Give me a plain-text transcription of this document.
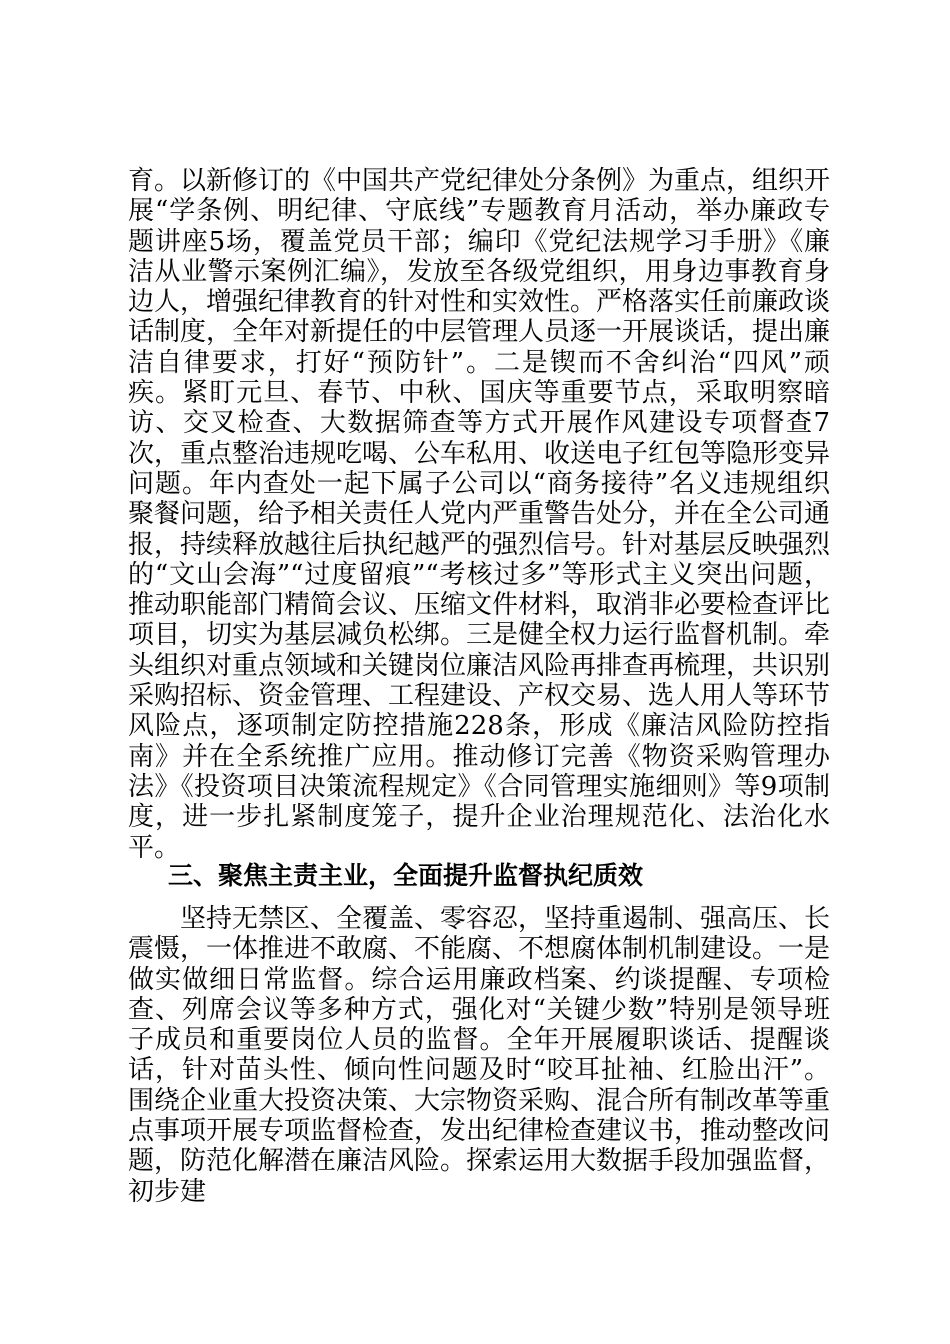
育。以新修订的《中国共产党纪律处分条例》为重点，组织开展“学条例、明纪律、守底线”专题教育月活动，举办廉政专题讲座5场，覆盖党员干部；编印《党纪法规学习手册》《廉洁从业警示案例汇编》，发放至各级党组织，用身边事教育身边人，增强纪律教育的针对性和实效性。严格落实任前廉政谈话制度，全年对新提任的中层管理人员逐一开展谈话，提出廉洁自律要求，打好“预防针”。二是锲而不舍纠治“四风”顽疾。紧盯元旦、春节、中秋、国庆等重要节点，采取明察暗访、交叉检查、大数据筛查等方式开展作风建设专项督查7次，重点整治违规吃喝、公车私用、收送电子红包等隐形变异问题。年内查处一起下属子公司以“商务接待”名义违规组织聚餐问题，给予相关责任人党内严重警告处分，并在全公司通报，持续释放越往后执纪越严的强烈信号。针对基层反映强烈的“文山会海”“过度留痕”“考核过多”等形式主义突出问题，推动职能部门精简会议、压缩文件材料，取消非必要检查评比项目，切实为基层减负松绑。三是健全权力运行监督机制。牵头组织对重点领域和关键岗位廉洁风险再排查再梳理，共识别采购招标、资金管理、工程建设、产权交易、选人用人等环节风险点，逐项制定防控措施228条，形成《廉洁风险防控指南》并在全系统推广应用。推动修订完善《物资采购管理办法》《投资项目决策流程规定》《合同管理实施细则》等9项制度，进一步扎紧制度笼子，提升企业治理规范化、法治化水平。

三、聚焦主责主业，全面提升监督执纪质效

坚持无禁区、全覆盖、零容忍，坚持重遏制、强高压、长震慑，一体推进不敢腐、不能腐、不想腐体制机制建设。一是做实做细日常监督。综合运用廉政档案、约谈提醒、专项检查、列席会议等多种方式，强化对“关键少数”特别是领导班子成员和重要岗位人员的监督。全年开展履职谈话、提醒谈话，针对苗头性、倾向性问题及时“咬耳扯袖、红脸出汗”。围绕企业重大投资决策、大宗物资采购、混合所有制改革等重点事项开展专项监督检查，发出纪律检查建议书，推动整改问题，防范化解潜在廉洁风险。探索运用大数据手段加强监督，初步建
